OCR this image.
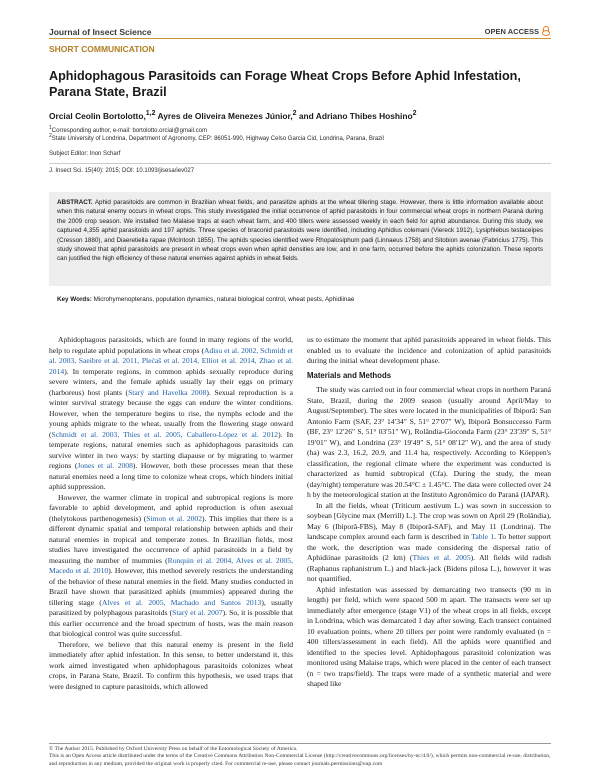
Journal of Insect Science	OPEN ACCESS
SHORT COMMUNICATION
Aphidophagous Parasitoids can Forage Wheat Crops Before Aphid Infestation, Parana State, Brazil
Orcial Ceolin Bortolotto,$^{1,2}$ Ayres de Oliveira Menezes Júnior,$^2$ and Adriano Thibes Hoshino$^2$
$^1$Corresponding author, e-mail: bortolotto.orcial@gmail.com
$^2$State University of Londrina, Department of Agronomy, CEP: 86051-990, Highway Celso Garcia Cid, Londrina, Parana, Brazil
Subject Editor: Inon Scharf
J. Insect Sci. 15(40): 2015; DOI: 10.1093/jisesa/iev027
ABSTRACT. Aphid parasitoids are common in Brazilian wheat fields, and parasitize aphids at the wheat tillering stage. However, there is little information available about when this natural enemy occurs in wheat crops. This study investigated the initial occurrence of aphid parasitoids in four commercial wheat crops in northern Paraná during the 2009 crop season. We installed two Malaise traps at each wheat farm, and 400 tillers were assessed weekly in each field for aphid abundance. During this study, we captured 4,355 aphid parasitoids and 197 aphids. Three species of braconid parasitoids were identified, including Aphidius colemani (Viereck 1912), Lysiphlebus testaceipes (Cresson 1880), and Diaeretiella rapae (McIntosh 1855). The aphids species identified were Rhopalosiphum padi (Linnaeus 1758) and Sitobion avenae (Fabricius 1775). This study showed that aphid parasitoids are present in wheat crops even when aphid densities are low, and in one farm, occurred before the aphids colonization. These reports can justified the high efficiency of these natural enemies against aphids in wheat fields.
Key Words: Microhymenopterans, population dynamics, natural biological control, wheat pests, Aphidiinae

Aphidophagous parasitoids, which are found in many regions of the world, help to regulate aphid populations in wheat crops (Adisu et al. 2002, Schmidt et al. 2003, Saeibre et al. 2011, Plećaš et al. 2014, Elliot et al. 2014, Zhao et al. 2014). In temperate regions, in common aphids sexually reproduce during severe winters, and the female aphids usually lay their eggs on primary (harboreus) host plants (Starý and Havelka 2008). Sexual reproduction is a winter survival strategy because the eggs can endure the winter conditions. However, when the temperature begins to rise, the nymphs eclode and the young aphids migrate to the wheat, usually from the flowering stage onward (Schmidt et al. 2003, Thies et al. 2005, Caballero-López et al. 2012). In temperate regions, natural enemies such as aphidophagous parasitoids can survive winter in two ways: by starting diapause or by migrating to warmer regions (Jones et al. 2008). However, both these processes mean that these natural enemies need a long time to colonize wheat crops, which hinders initial aphid suppression.

However, the warmer climate in tropical and subtropical regions is more favorable to aphid development, and aphid reproduction is often asexual (thelytokous parthenogenesis) (Simon et al. 2002). This implies that there is a different dynamic spatial and temporal relationship between aphids and their natural enemies in tropical and temperate zones. In Brazilian fields, most studies have investigated the occurrence of aphid parasitoids in a field by measuring the number of mummies (Ronquin et al. 2004, Alves et al. 2005, Macedo et al. 2010). However, this method severely restricts the understanding of the behavior of these natural enemies in the field. Many studies conducted in Brazil have shown that parasitized aphids (mummies) appeared during the tillering stage (Alves et al. 2005, Machado and Santos 2013), usually parasitized by polyphagous parasitoids (Starý et al. 2007). So, it is possible that this earlier occurrence and the broad spectrum of hosts, was the main reason that biological control was quite successful.

Therefore, we believe that this natural enemy is present in the field immediately after aphid infestation. In this sense, to better understand it, this work aimed investigated when aphidophagous parasitoids colonizes wheat crops, in Parana State, Brazil. To confirm this hypothesis, we used traps that were designed to capture parasitoids, which allowed

us to estimate the moment that aphid parasitoids appeared in wheat fields. This enabled us to evaluate the incidence and colonization of aphid parasitoids during the initial wheat development phase.

Materials and Methods

The study was carried out in four commercial wheat crops in northern Paraná State, Brazil, during the 2009 season (usually around April/May to August/September). The sites were located in the municipalities of Ibiporã: San Antonio Farm (SAF, 23° 14′34″ S, 51° 27′07″ W), Ibiporã Bonsuccesso Farm (BF, 23° 12′26″ S, 51° 03′51″ W), Rolândia-Gioconda Farm (23° 23′39″ S, 51° 19′01″ W), and Londrina (23° 19′49″ S, 51° 08′12″ W), and the area of study (ha) was 2.3, 16.2, 20.9, and 11.4 ha, respectively. According to Köeppen's classification, the regional climate where the experiment was conducted is characterized as humid subtropical (Cfa). During the study, the mean (day/night) temperature was 20.54°C ± 1.45°C. The data were collected over 24 h by the meteorological station at the Instituto Agronômico do Paraná (IAPAR).

In all the fields, wheat (Triticum aestivum L.) was sown in succession to soybean [Glycine max (Merrill) L.]. The crop was sown on April 29 (Rolândia), May 6 (Ibiporã-FBS), May 8 (Ibiporã-SAF), and May 11 (Londrina). The landscape complex around each farm is described in Table 1. To better support the work, the description was made considering the dispersal ratio of Aphidiinae parasitoids (2 km) (Thies et al. 2005). All fields wild radish (Raphanus raphanistrum L.) and black-jack (Bidens pilosa L.), however it was not quantified.

Aphid infestation was assessed by demarcating two transects (90 m in length) per field, which were spaced 500 m apart. The transects were set up immediately after emergence (stage V1) of the wheat crops in all fields, except in Londrina, which was demarcated 1 day after sowing. Each transect contained 10 evaluation points, where 20 tillers per point were randomly evaluated (n = 400 tillers/assessment in each field). All the aphids were quantified and identified to the species level. Aphidophagous parasitoid colonization was monitored using Malaise traps, which were placed in the center of each transect (n = two traps/field). The traps were made of a synthetic material and were shaped like

© The Author 2015. Published by Oxford University Press on behalf of the Entomological Society of America.
This is an Open Access article distributed under the terms of the Creative Commons Attribution Non-Commercial License (http://creativecommons.org/licenses/by-nc/4.0/), which permits non-commercial re-use, distribution, and reproduction in any medium, provided the original work is properly cited. For commercial re-use, please contact journals.permissions@oup.com
